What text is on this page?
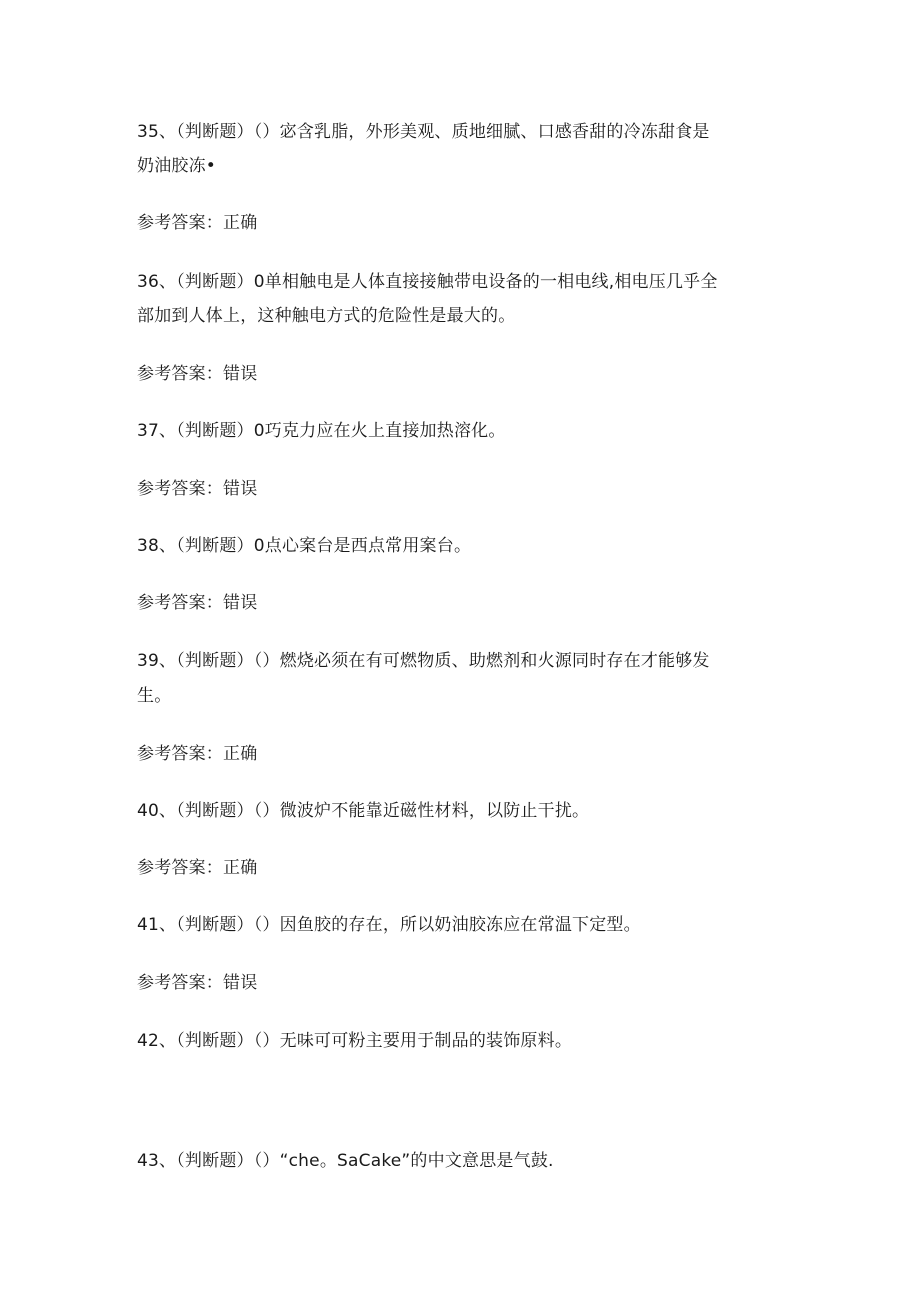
35、（判断题）（）宓含乳脂，外形美观、质地细腻、口感香甜的冷冻甜食是
奶油胶冻•
参考答案：正确
36、（判断题）0单相触电是人体直接接触带电设备的一相电线,相电压几乎全
部加到人体上，这种触电方式的危险性是最大的。
参考答案：错误
37、（判断题）0巧克力应在火上直接加热溶化。
参考答案：错误
38、（判断题）0点心案台是西点常用案台。
参考答案：错误
39、（判断题）（）燃烧必须在有可燃物质、助燃剂和火源同时存在才能够发
生。
参考答案：正确
40、（判断题）（）微波炉不能靠近磁性材料，以防止干扰。
参考答案：正确
41、（判断题）（）因鱼胶的存在，所以奶油胶冻应在常温下定型。
参考答案：错误
42、（判断题）（）无味可可粉主要用于制品的装饰原料。
43、（判断题）（）“che。SaCake”的中文意思是气鼓.
